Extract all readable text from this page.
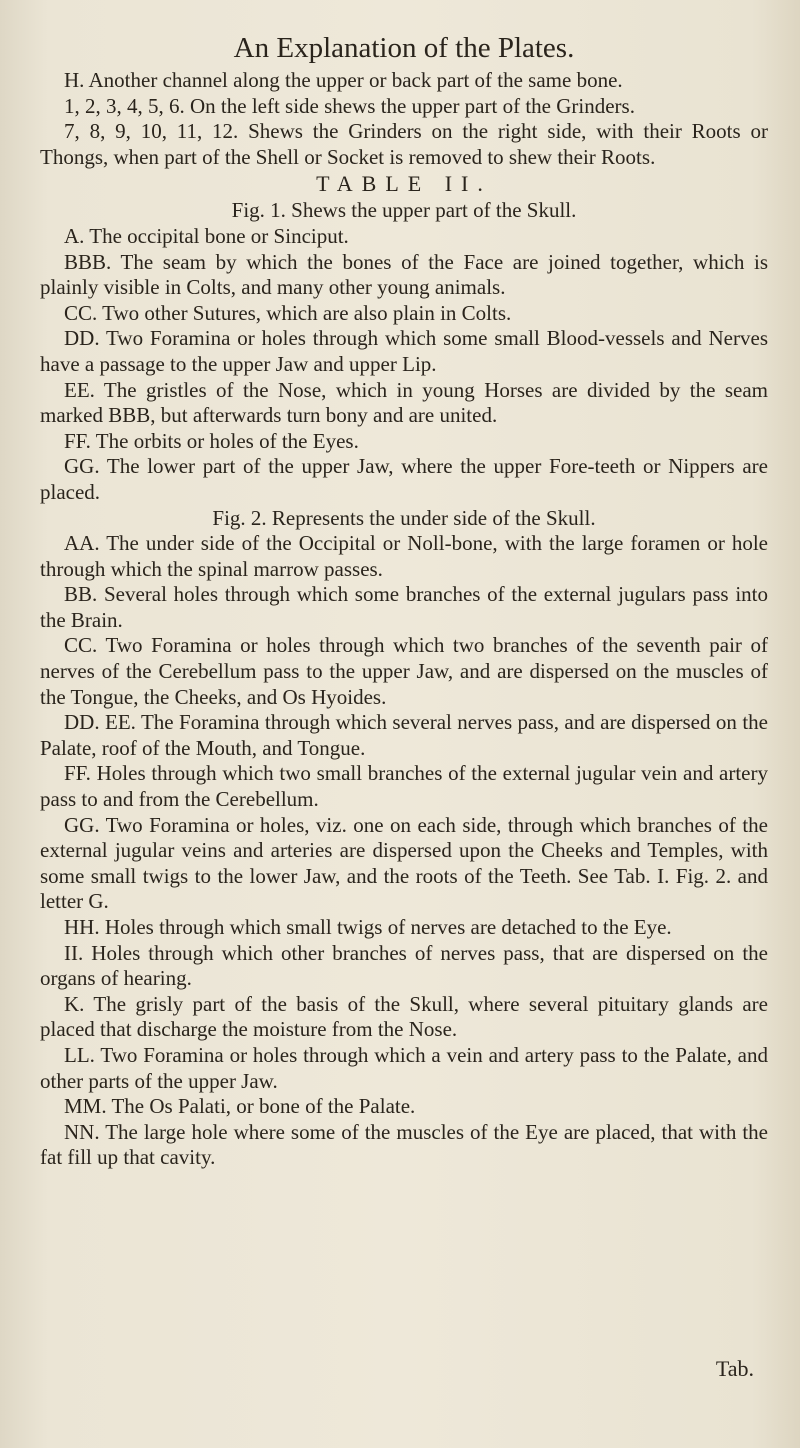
An Explanation of the Plates.

H. Another channel along the upper or back part of the same bone.

1, 2, 3, 4, 5, 6. On the left side shews the upper part of the Grinders.

7, 8, 9, 10, 11, 12. Shews the Grinders on the right side, with their Roots or Thongs, when part of the Shell or Socket is removed to shew their Roots.

TABLE II.

Fig. 1. Shews the upper part of the Skull.

A. The occipital bone or Sinciput.

BBB. The seam by which the bones of the Face are joined together, which is plainly visible in Colts, and many other young animals.

CC. Two other Sutures, which are also plain in Colts.

DD. Two Foramina or holes through which some small Blood-vessels and Nerves have a passage to the upper Jaw and upper Lip.

EE. The gristles of the Nose, which in young Horses are divided by the seam marked BBB, but afterwards turn bony and are united.

FF. The orbits or holes of the Eyes.

GG. The lower part of the upper Jaw, where the upper Fore-teeth or Nippers are placed.

Fig. 2. Represents the under side of the Skull.

AA. The under side of the Occipital or Noll-bone, with the large foramen or hole through which the spinal marrow passes.

BB. Several holes through which some branches of the external jugulars pass into the Brain.

CC. Two Foramina or holes through which two branches of the seventh pair of nerves of the Cerebellum pass to the upper Jaw, and are dispersed on the muscles of the Tongue, the Cheeks, and Os Hyoides.

DD. EE. The Foramina through which several nerves pass, and are dispersed on the Palate, roof of the Mouth, and Tongue.

FF. Holes through which two small branches of the external jugular vein and artery pass to and from the Cerebellum.

GG. Two Foramina or holes, viz. one on each side, through which branches of the external jugular veins and arteries are dispersed upon the Cheeks and Temples, with some small twigs to the lower Jaw, and the roots of the Teeth. See Tab. I. Fig. 2. and letter G.

HH. Holes through which small twigs of nerves are detached to the Eye.

II. Holes through which other branches of nerves pass, that are dispersed on the organs of hearing.

K. The grisly part of the basis of the Skull, where several pituitary glands are placed that discharge the moisture from the Nose.

LL. Two Foramina or holes through which a vein and artery pass to the Palate, and other parts of the upper Jaw.

MM. The Os Palati, or bone of the Palate.

NN. The large hole where some of the muscles of the Eye are placed, that with the fat fill up that cavity.

Tab.
